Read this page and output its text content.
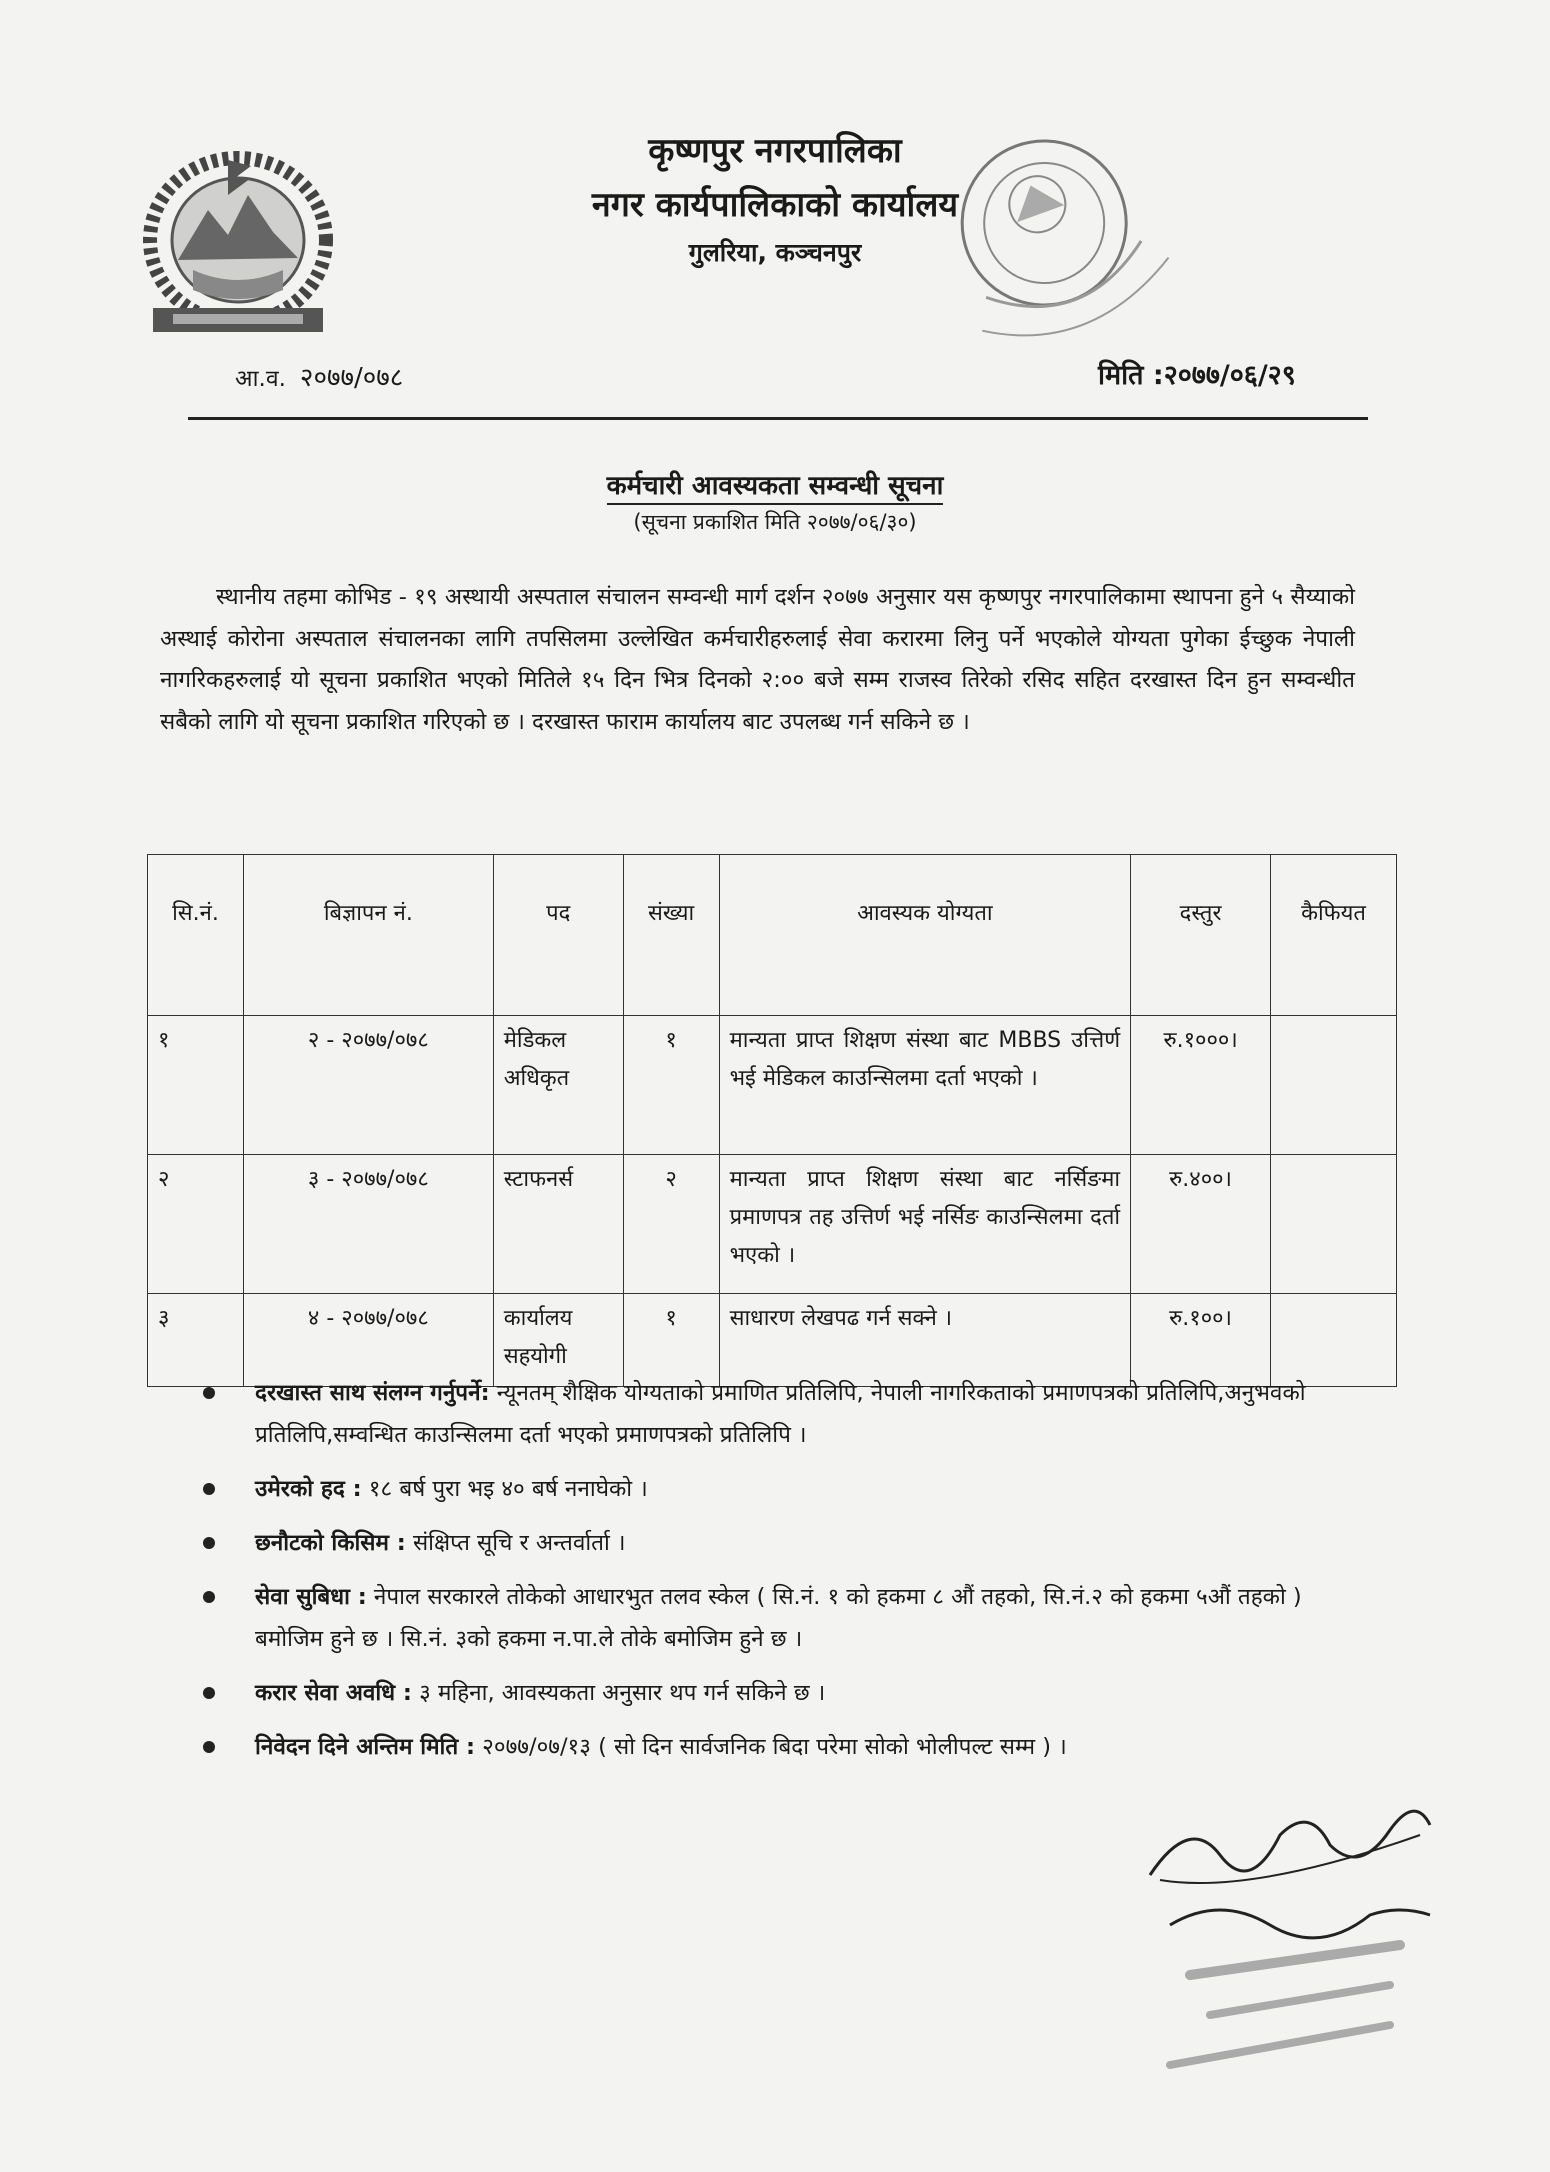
कृष्णपुर नगरपालिका
नगर कार्यपालिकाको कार्यालय
गुलरिया, कञ्चनपुर
आ.व. २०७७/०७८	मिति :२०७७/०६/२९
कर्मचारी आवस्यकता सम्वन्धी सूचना
(सूचना प्रकाशित मिति २०७७/०६/३०)
स्थानीय तहमा कोभिड - १९ अस्थायी अस्पताल संचालन सम्वन्धी मार्ग दर्शन २०७७ अनुसार यस कृष्णपुर नगरपालिकामा स्थापना हुने ५ सैय्याको अस्थाई कोरोना अस्पताल संचालनका लागि तपसिलमा उल्लेखित कर्मचारीहरुलाई सेवा करारमा लिनु पर्ने भएकोले योग्यता पुगेका ईच्छुक नेपाली नागरिकहरुलाई यो सूचना प्रकाशित भएको मितिले १५ दिन भित्र दिनको २:०० बजे सम्म राजस्व तिरेको रसिद सहित दरखास्त दिन हुन सम्वन्धीत सबैको लागि यो सूचना प्रकाशित गरिएको छ । दरखास्त फाराम कार्यालय बाट उपलब्ध गर्न सकिने छ ।
सि.नं.	बिज्ञापन नं.	पद	संख्या	आवस्यक योग्यता	दस्तुर	कैफियत
१	२ - २०७७/०७८	मेडिकल अधिकृत	१	मान्यता प्राप्त शिक्षण संस्था बाट MBBS उत्तिर्ण भई मेडिकल काउन्सिलमा दर्ता भएको ।	रु.१०००।	
२	३ - २०७७/०७८	स्टाफनर्स	२	मान्यता प्राप्त शिक्षण संस्था बाट नर्सिङमा प्रमाणपत्र तह उत्तिर्ण भई नर्सिङ काउन्सिलमा दर्ता भएको ।	रु.४००।	
३	४ - २०७७/०७८	कार्यालय सहयोगी	१	साधारण लेखपढ गर्न सक्ने ।	रु.१००।	
दरखास्त साथ संलग्न गर्नुपर्ने: न्यूनतम् शैक्षिक योग्यताको प्रमाणित प्रतिलिपि, नेपाली नागरिकताको प्रमाणपत्रको प्रतिलिपि,अनुभवको प्रतिलिपि,सम्वन्धित काउन्सिलमा दर्ता भएको प्रमाणपत्रको प्रतिलिपि ।
उमेरको हद : १८ बर्ष पुरा भइ ४० बर्ष ननाघेको ।
छनौटको किसिम : संक्षिप्त सूचि र अन्तर्वार्ता ।
सेवा सुबिधा : नेपाल सरकारले तोकेको आधारभुत तलव स्केल ( सि.नं. १ को हकमा ८ औं तहको, सि.नं.२ को हकमा ५औं तहको ) बमोजिम हुने छ । सि.नं. ३को हकमा न.पा.ले तोके बमोजिम हुने छ ।
करार सेवा अवधि : ३ महिना, आवस्यकता अनुसार थप गर्न सकिने छ ।
निवेदन दिने अन्तिम मिति : २०७७/०७/१३ ( सो दिन सार्वजनिक बिदा परेमा सोको भोलीपल्ट सम्म ) ।
